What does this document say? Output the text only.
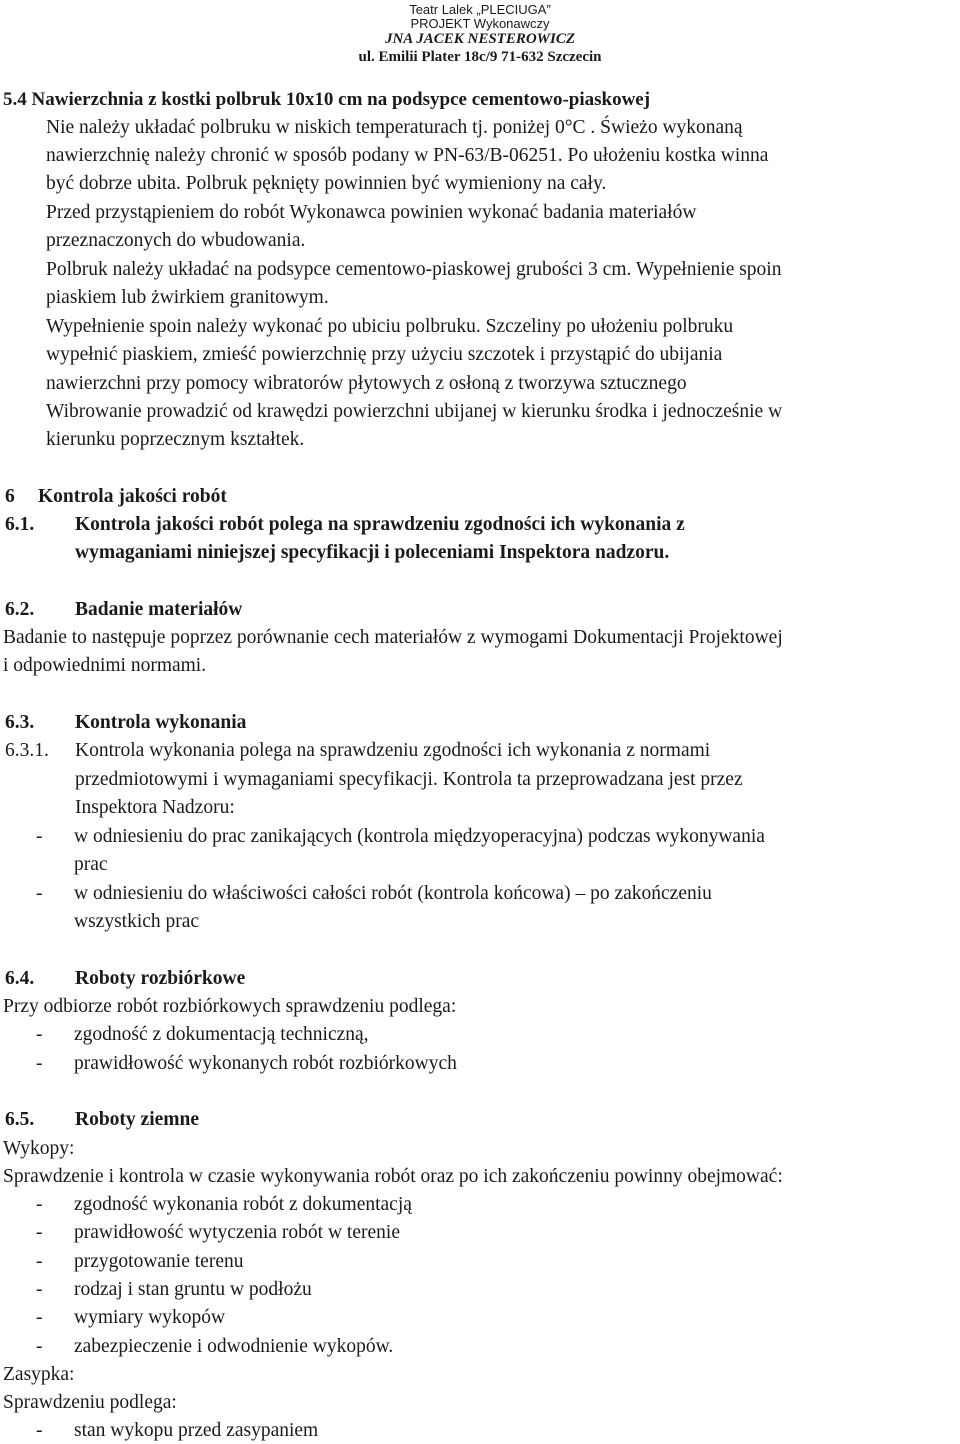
Teatr Lalek „PLECIUGA”
PROJEKT Wykonawczy
JNA JACEK NESTEROWICZ
ul. Emilii Plater 18c/9 71-632 Szczecin
5.4 Nawierzchnia z kostki polbruk 10x10 cm na podsypce cementowo-piaskowej
Nie należy układać polbruku w niskich temperaturach tj. poniżej 0°C . Świeżo wykonaną
nawierzchnię należy chronić w sposób podany w PN-63/B-06251. Po ułożeniu kostka winna
być dobrze ubita. Polbruk pęknięty powinnien być wymieniony na cały.
Przed przystąpieniem do robót Wykonawca powinien wykonać badania materiałów
przeznaczonych do wbudowania.
Polbruk należy układać na podsypce cementowo-piaskowej grubości 3 cm. Wypełnienie spoin
piaskiem lub żwirkiem granitowym.
Wypełnienie spoin należy wykonać po ubiciu polbruku. Szczeliny po ułożeniu polbruku
wypełnić piaskiem, zmieść powierzchnię przy użyciu szczotek i przystąpić do ubijania
nawierzchni przy pomocy wibratorów płytowych z osłoną z tworzywa sztucznego
Wibrowanie prowadzić od krawędzi powierzchni ubijanej w kierunku środka i jednocześnie w
kierunku poprzecznym kształtek.
6 Kontrola jakości robót
6.1. Kontrola jakości robót polega na sprawdzeniu zgodności ich wykonania z
wymaganiami niniejszej specyfikacji i poleceniami Inspektora nadzoru.
6.2. Badanie materiałów
Badanie to następuje poprzez porównanie cech materiałów z wymogami Dokumentacji Projektowej
i odpowiednimi normami.
6.3. Kontrola wykonania
6.3.1. Kontrola wykonania polega na sprawdzeniu zgodności ich wykonania z normami
przedmiotowymi i wymaganiami specyfikacji. Kontrola ta przeprowadzana jest przez
Inspektora Nadzoru:
- w odniesieniu do prac zanikających (kontrola międzyoperacyjna) podczas wykonywania
prac
- w odniesieniu do właściwości całości robót (kontrola końcowa) – po zakończeniu
wszystkich prac
6.4. Roboty rozbiórkowe
Przy odbiorze robót rozbiórkowych sprawdzeniu podlega:
- zgodność z dokumentacją techniczną,
- prawidłowość wykonanych robót rozbiórkowych
6.5. Roboty ziemne
Wykopy:
Sprawdzenie i kontrola w czasie wykonywania robót oraz po ich zakończeniu powinny obejmować:
- zgodność wykonania robót z dokumentacją
- prawidłowość wytyczenia robót w terenie
- przygotowanie terenu
- rodzaj i stan gruntu w podłożu
- wymiary wykopów
- zabezpieczenie i odwodnienie wykopów.
Zasypka:
Sprawdzeniu podlega:
- stan wykopu przed zasypaniem
